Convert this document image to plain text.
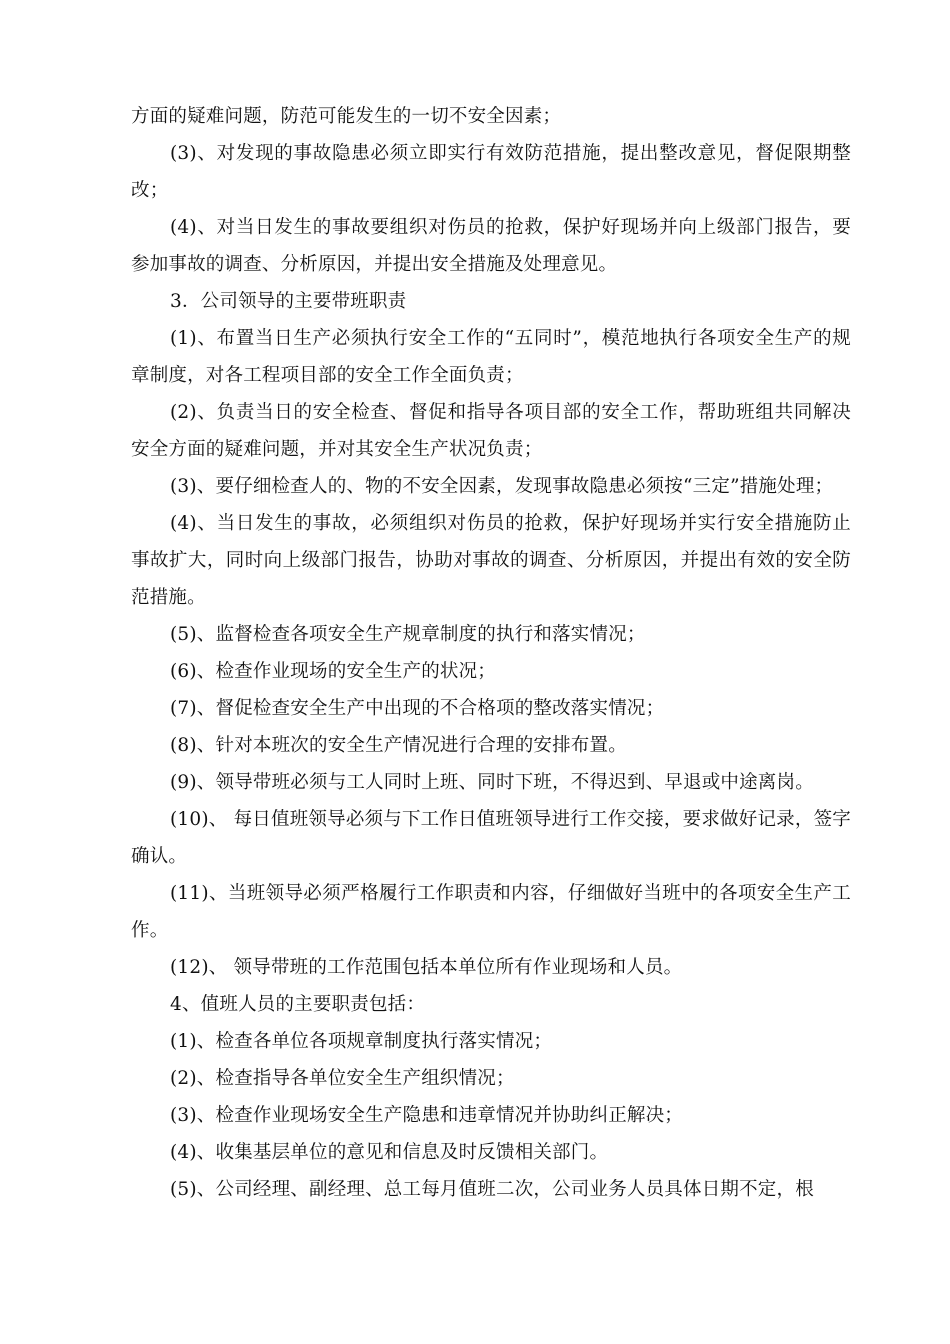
方面的疑难问题，防范可能发生的一切不安全因素；

(3)、对发现的事故隐患必须立即实行有效防范措施，提出整改意见，督促限期整改；

(4)、对当日发生的事故要组织对伤员的抢救，保护好现场并向上级部门报告，要参加事故的调查、分析原因，并提出安全措施及处理意见。

3．公司领导的主要带班职责

(1)、布置当日生产必须执行安全工作的“五同时”，模范地执行各项安全生产的规章制度，对各工程项目部的安全工作全面负责；

(2)、负责当日的安全检查、督促和指导各项目部的安全工作，帮助班组共同解决安全方面的疑难问题，并对其安全生产状况负责；

(3)、要仔细检查人的、物的不安全因素，发现事故隐患必须按“三定”措施处理；

(4)、当日发生的事故，必须组织对伤员的抢救，保护好现场并实行安全措施防止事故扩大，同时向上级部门报告，协助对事故的调查、分析原因，并提出有效的安全防范措施。

(5)、监督检查各项安全生产规章制度的执行和落实情况；

(6)、检查作业现场的安全生产的状况；

(7)、督促检查安全生产中出现的不合格项的整改落实情况；

(8)、针对本班次的安全生产情况进行合理的安排布置。

(9)、领导带班必须与工人同时上班、同时下班，不得迟到、早退或中途离岗。

(10)、 每日值班领导必须与下工作日值班领导进行工作交接，要求做好记录，签字确认。

(11)、当班领导必须严格履行工作职责和内容，仔细做好当班中的各项安全生产工作。

(12)、 领导带班的工作范围包括本单位所有作业现场和人员。

4、值班人员的主要职责包括：

(1)、检查各单位各项规章制度执行落实情况；

(2)、检查指导各单位安全生产组织情况；

(3)、检查作业现场安全生产隐患和违章情况并协助纠正解决；

(4)、收集基层单位的意见和信息及时反馈相关部门。

(5)、公司经理、副经理、总工每月值班二次，公司业务人员具体日期不定，根
